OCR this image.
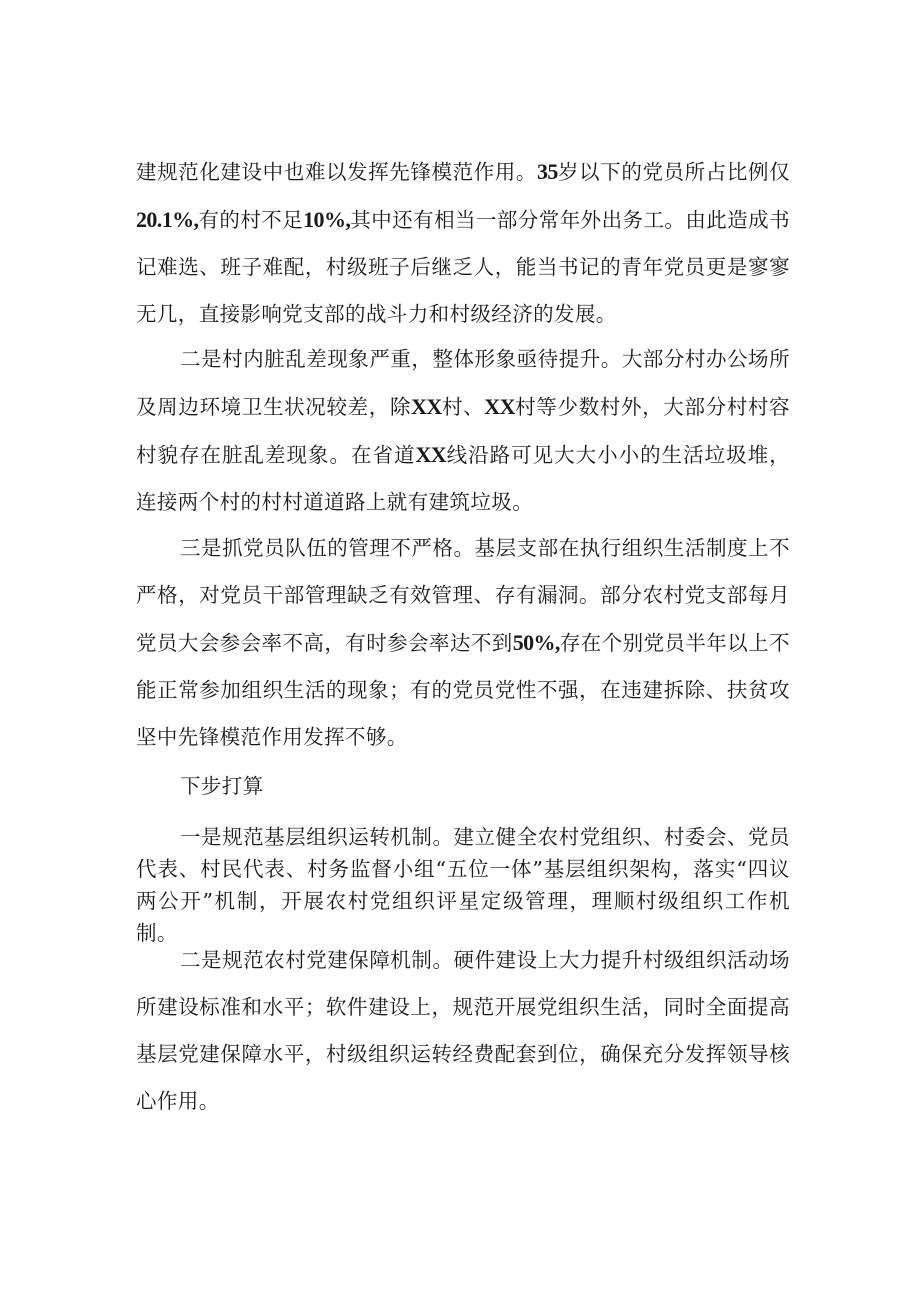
建规范化建设中也难以发挥先锋模范作用。35岁以下的党员所占比例仅20.1%,有的村不足10%,其中还有相当一部分常年外出务工。由此造成书记难选、班子难配，村级班子后继乏人，能当书记的青年党员更是寥寥无几，直接影响党支部的战斗力和村级经济的发展。

二是村内脏乱差现象严重，整体形象亟待提升。大部分村办公场所及周边环境卫生状况较差，除XX村、XX村等少数村外，大部分村村容村貌存在脏乱差现象。在省道XX线沿路可见大大小小的生活垃圾堆，连接两个村的村村道道路上就有建筑垃圾。

三是抓党员队伍的管理不严格。基层支部在执行组织生活制度上不严格，对党员干部管理缺乏有效管理、存有漏洞。部分农村党支部每月党员大会参会率不高，有时参会率达不到50%,存在个别党员半年以上不能正常参加组织生活的现象；有的党员党性不强，在违建拆除、扶贫攻坚中先锋模范作用发挥不够。

下步打算

一是规范基层组织运转机制。建立健全农村党组织、村委会、党员代表、村民代表、村务监督小组“五位一体”基层组织架构，落实“四议两公开”机制，开展农村党组织评星定级管理，理顺村级组织工作机制。

二是规范农村党建保障机制。硬件建设上大力提升村级组织活动场所建设标准和水平；软件建设上，规范开展党组织生活，同时全面提高基层党建保障水平，村级组织运转经费配套到位，确保充分发挥领导核心作用。
